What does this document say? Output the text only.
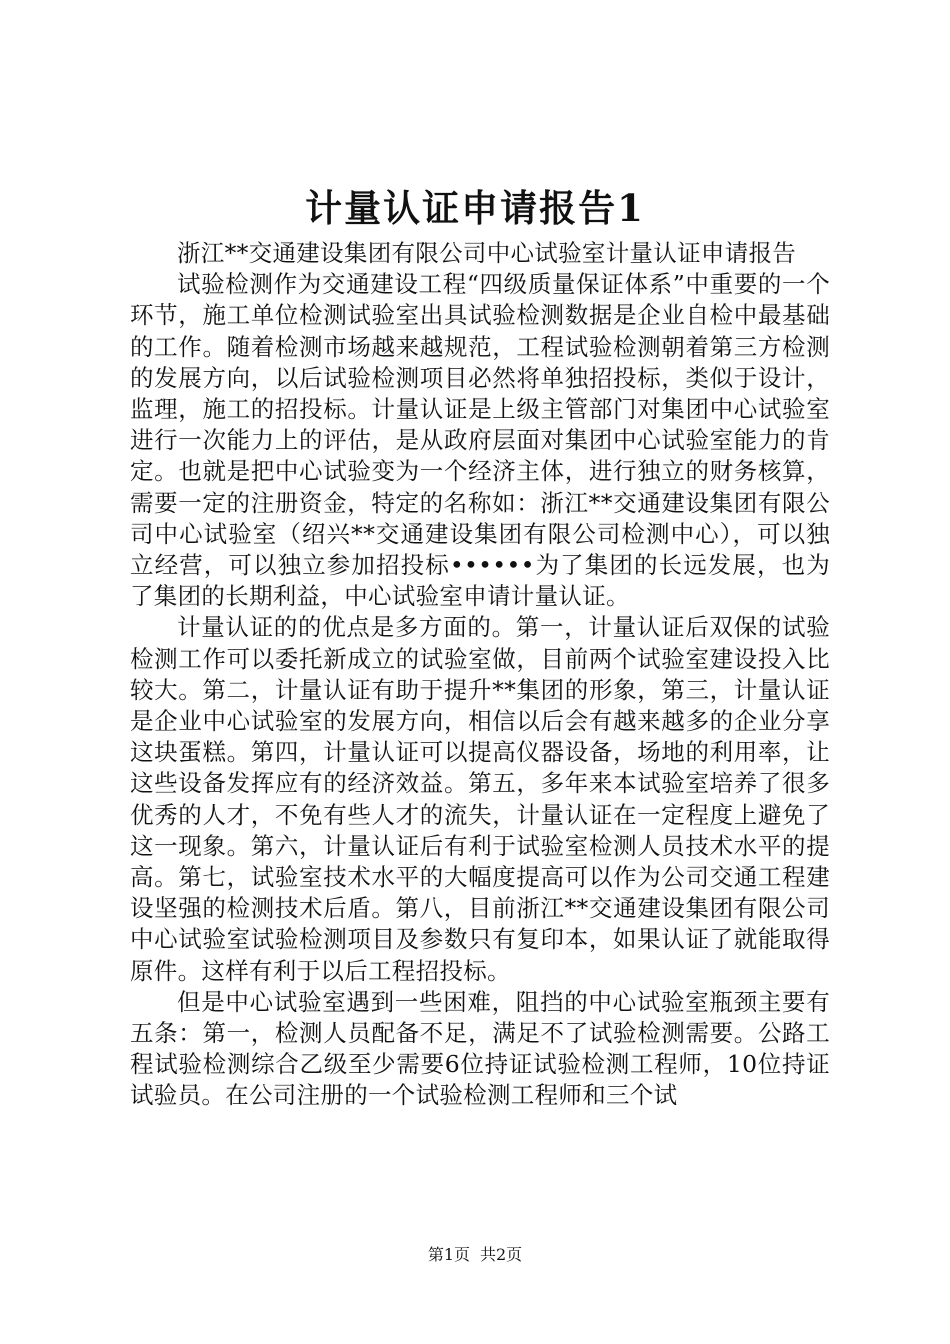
计量认证申请报告1

浙江**交通建设集团有限公司中心试验室计量认证申请报告

试验检测作为交通建设工程“四级质量保证体系”中重要的一个环节，施工单位检测试验室出具试验检测数据是企业自检中最基础的工作。随着检测市场越来越规范，工程试验检测朝着第三方检测的发展方向，以后试验检测项目必然将单独招投标，类似于设计，监理，施工的招投标。计量认证是上级主管部门对集团中心试验室进行一次能力上的评估，是从政府层面对集团中心试验室能力的肯定。也就是把中心试验变为一个经济主体，进行独立的财务核算，需要一定的注册资金，特定的名称如：浙江**交通建设集团有限公司中心试验室（绍兴**交通建设集团有限公司检测中心），可以独立经营，可以独立参加招投标••••••为了集团的长远发展，也为了集团的长期利益，中心试验室申请计量认证。

计量认证的的优点是多方面的。第一，计量认证后双保的试验检测工作可以委托新成立的试验室做，目前两个试验室建设投入比较大。第二，计量认证有助于提升**集团的形象，第三，计量认证是企业中心试验室的发展方向，相信以后会有越来越多的企业分享这块蛋糕。第四，计量认证可以提高仪器设备，场地的利用率，让这些设备发挥应有的经济效益。第五，多年来本试验室培养了很多优秀的人才，不免有些人才的流失，计量认证在一定程度上避免了这一现象。第六，计量认证后有利于试验室检测人员技术水平的提高。第七，试验室技术水平的大幅度提高可以作为公司交通工程建设坚强的检测技术后盾。第八，目前浙江**交通建设集团有限公司中心试验室试验检测项目及参数只有复印本，如果认证了就能取得原件。这样有利于以后工程招投标。

但是中心试验室遇到一些困难，阻挡的中心试验室瓶颈主要有五条：第一，检测人员配备不足，满足不了试验检测需要。公路工程试验检测综合乙级至少需要6位持证试验检测工程师，10位持证试验员。在公司注册的一个试验检测工程师和三个试

第1页 共2页
